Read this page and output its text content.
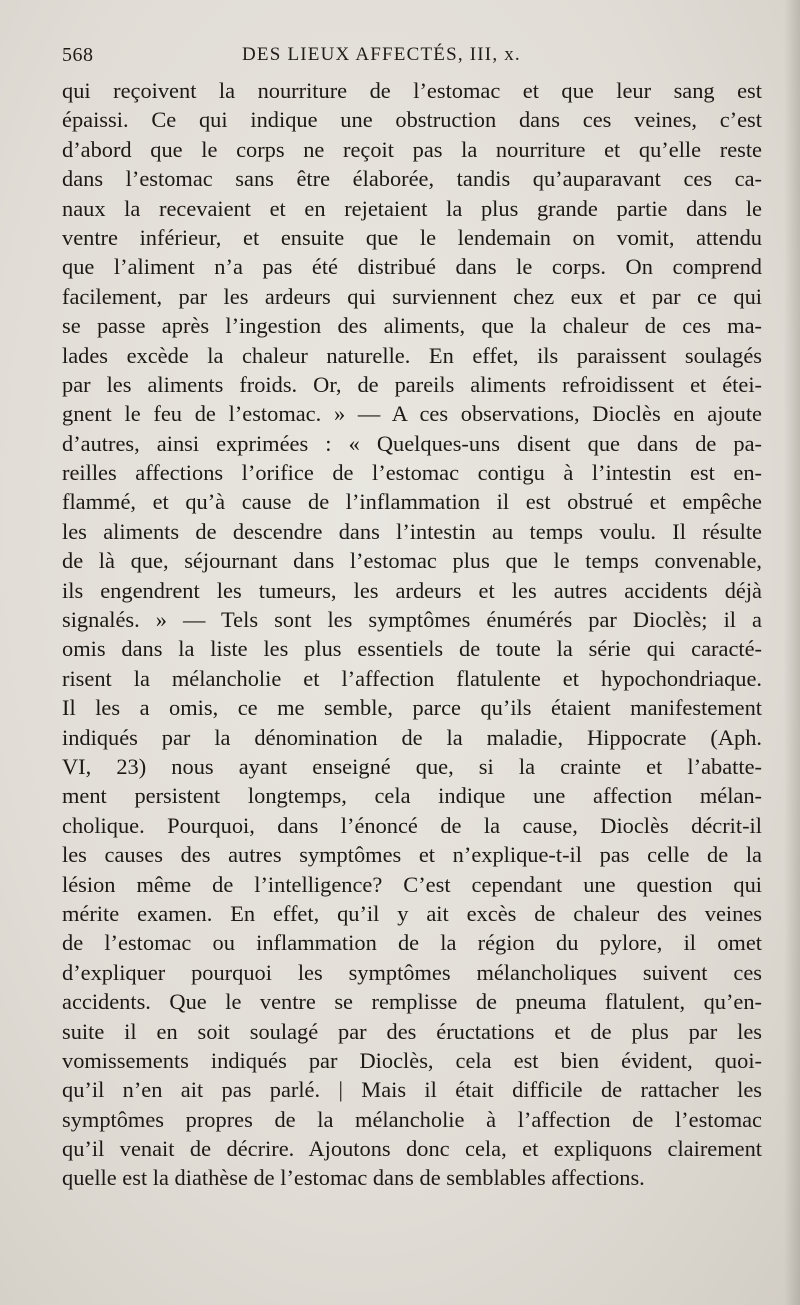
568	DES LIEUX AFFECTÉS, III, x.
qui reçoivent la nourriture de l’estomac et que leur sang est
épaissi. Ce qui indique une obstruction dans ces veines, c’est
d’abord que le corps ne reçoit pas la nourriture et qu’elle reste
dans l’estomac sans être élaborée, tandis qu’auparavant ces ca-
naux la recevaient et en rejetaient la plus grande partie dans le
ventre inférieur, et ensuite que le lendemain on vomit, attendu
que l’aliment n’a pas été distribué dans le corps. On comprend
facilement, par les ardeurs qui surviennent chez eux et par ce qui
se passe après l’ingestion des aliments, que la chaleur de ces ma-
lades excède la chaleur naturelle. En effet, ils paraissent soulagés
par les aliments froids. Or, de pareils aliments refroidissent et étei-
gnent le feu de l’estomac. » — A ces observations, Dioclès en ajoute
d’autres, ainsi exprimées : « Quelques-uns disent que dans de pa-
reilles affections l’orifice de l’estomac contigu à l’intestin est en-
flammé, et qu’à cause de l’inflammation il est obstrué et empêche
les aliments de descendre dans l’intestin au temps voulu. Il résulte
de là que, séjournant dans l’estomac plus que le temps convenable,
ils engendrent les tumeurs, les ardeurs et les autres accidents déjà
signalés. » — Tels sont les symptômes énumérés par Dioclès; il a
omis dans la liste les plus essentiels de toute la série qui caracté-
risent la mélancholie et l’affection flatulente et hypochondriaque.
Il les a omis, ce me semble, parce qu’ils étaient manifestement
indiqués par la dénomination de la maladie, Hippocrate (Aph.
VI, 23) nous ayant enseigné que, si la crainte et l’abatte-
ment persistent longtemps, cela indique une affection mélan-
cholique. Pourquoi, dans l’énoncé de la cause, Dioclès décrit-il
les causes des autres symptômes et n’explique-t-il pas celle de la
lésion même de l’intelligence? C’est cependant une question qui
mérite examen. En effet, qu’il y ait excès de chaleur des veines
de l’estomac ou inflammation de la région du pylore, il omet
d’expliquer pourquoi les symptômes mélancholiques suivent ces
accidents. Que le ventre se remplisse de pneuma flatulent, qu’en-
suite il en soit soulagé par des éructations et de plus par les
vomissements indiqués par Dioclès, cela est bien évident, quoi-
qu’il n’en ait pas parlé. | Mais il était difficile de rattacher les
symptômes propres de la mélancholie à l’affection de l’estomac
qu’il venait de décrire. Ajoutons donc cela, et expliquons clairement
quelle est la diathèse de l’estomac dans de semblables affections.
